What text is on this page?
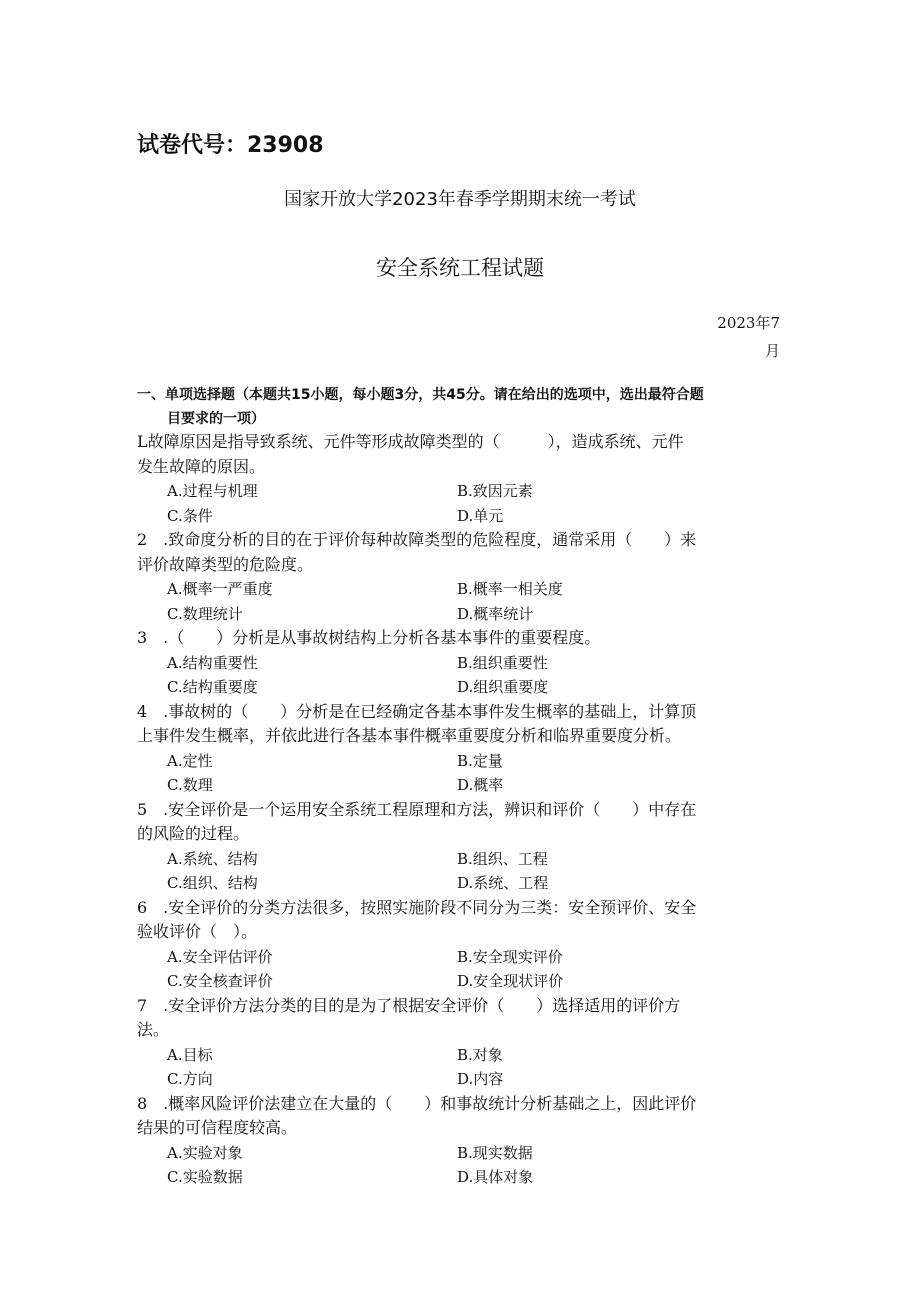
试卷代号：23908
国家开放大学2023年春季学期期末统一考试
安全系统工程试题
2023年7
月
一、单项选择题（本题共15小题，每小题3分，共45分。请在给出的选项中，选出最符合题
目要求的一项）
L故障原因是指导致系统、元件等形成故障类型的（　　　），造成系统、元件
发生故障的原因。
A.过程与机理	B.致因元素
C.条件	D.单元
2　.致命度分析的目的在于评价每种故障类型的危险程度，通常采用（　　）来
评价故障类型的危险度。
A.概率一严重度	B.概率一相关度
C.数理统计	D.概率统计
3　.（　　）分析是从事故树结构上分析各基本事件的重要程度。
A.结构重要性	B.组织重要性
C.结构重要度	D.组织重要度
4　.事故树的（　　）分析是在已经确定各基本事件发生概率的基础上，计算顶
上事件发生概率，并依此进行各基本事件概率重要度分析和临界重要度分析。
A.定性	B.定量
C.数理	D.概率
5　.安全评价是一个运用安全系统工程原理和方法，辨识和评价（　　）中存在
的风险的过程。
A.系统、结构	B.组织、工程
C.组织、结构	D.系统、工程
6　.安全评价的分类方法很多，按照实施阶段不同分为三类：安全预评价、安全
验收评价（　）。
A.安全评估评价	B.安全现实评价
C.安全核查评价	D.安全现状评价
7　.安全评价方法分类的目的是为了根据安全评价（　　）选择适用的评价方
法。
A.目标	B.对象
C.方向	D.内容
8　.概率风险评价法建立在大量的（　　）和事故统计分析基础之上，因此评价
结果的可信程度较高。
A.实验对象	B.现实数据
C.实验数据	D.具体对象
